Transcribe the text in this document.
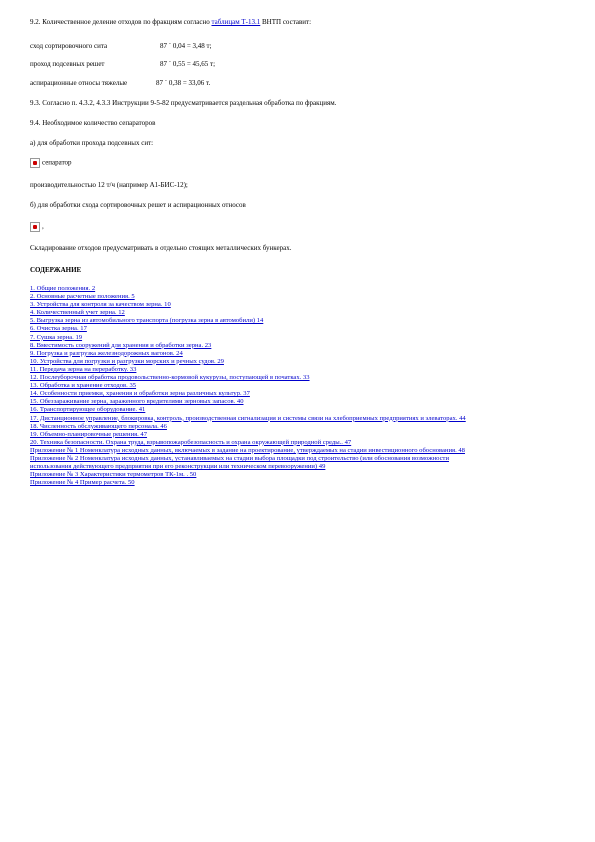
9.2. Количественное деление отходов по фракциям согласно таблицам Т-13.1 ВНТП составит:
сход сортировочного сита	87 ´ 0,04 = 3,48 т;
проход подсевных решет	87 ´ 0,55 = 45,65 т;
аспирационные относы тяжелые	87 ´ 0,38 = 33,06 т.
9.3. Согласно п. 4.3.2, 4.3.3 Инструкции 9-5-82 предусматривается раздельная обработка по фракциям.
9.4. Необходимое количество сепараторов
а) для обработки прохода подсевных сит:
сепаратор
производительностью 12 т/ч (например А1-БИС-12);
б) для обработки схода сортировочных решет и аспирационных относов
,
Складирование отходов предусматривать в отдельно стоящих металлических бункерах.
СОДЕРЖАНИЕ
1. Общие положения. 2
2. Основные расчетные положения. 5
3. Устройства для контроля за качеством зерна. 10
4. Количественный учет зерна. 12
5. Выгрузка зерна из автомобильного транспорта (погрузка зерна в автомобили) 14
6. Очистка зерна. 17
7. Сушка зерна. 19
8. Вместимость сооружений для хранения и обработки зерна. 23
9. Погрузка и разгрузка железнодорожных вагонов. 24
10. Устройства для погрузки и разгрузки морских и речных судов. 29
11. Передача зерна на переработку. 33
12. Послеуборочная обработка продовольственно-кормовой кукурузы, поступающей в початках. 33
13. Обработка и хранение отходов. 35
14. Особенности приемки, хранения и обработки зерна различных культур. 37
15. Обеззараживание зерна, зараженного вредителями зерновых запасов. 40
16. Транспортирующее оборудование. 41
17. Дистанционное управление, блокировка, контроль, производственная сигнализация и системы связи на хлебоприемных предприятиях и элеваторах. 44
18. Численность обслуживающего персонала. 46
19. Объемно-планировочные решения. 47
20. Техника безопасности. Охрана труда, взрывопожаробезопасность и охрана окружающей природной среды.. 47
Приложение № 1 Номенклатура исходных данных, включаемых в задание на проектирование, утверждаемых на стадии инвестиционного обоснования. 48
Приложение № 2 Номенклатура исходных данных, устанавливаемых на стадии выбора площадки под строительство (или обоснования возможности использования действующего предприятия при его реконструкции или техническом перевооружении) 49
Приложение № 3 Характеристики термометров ТК-1м. . 50
Приложение № 4 Пример расчета. 50
